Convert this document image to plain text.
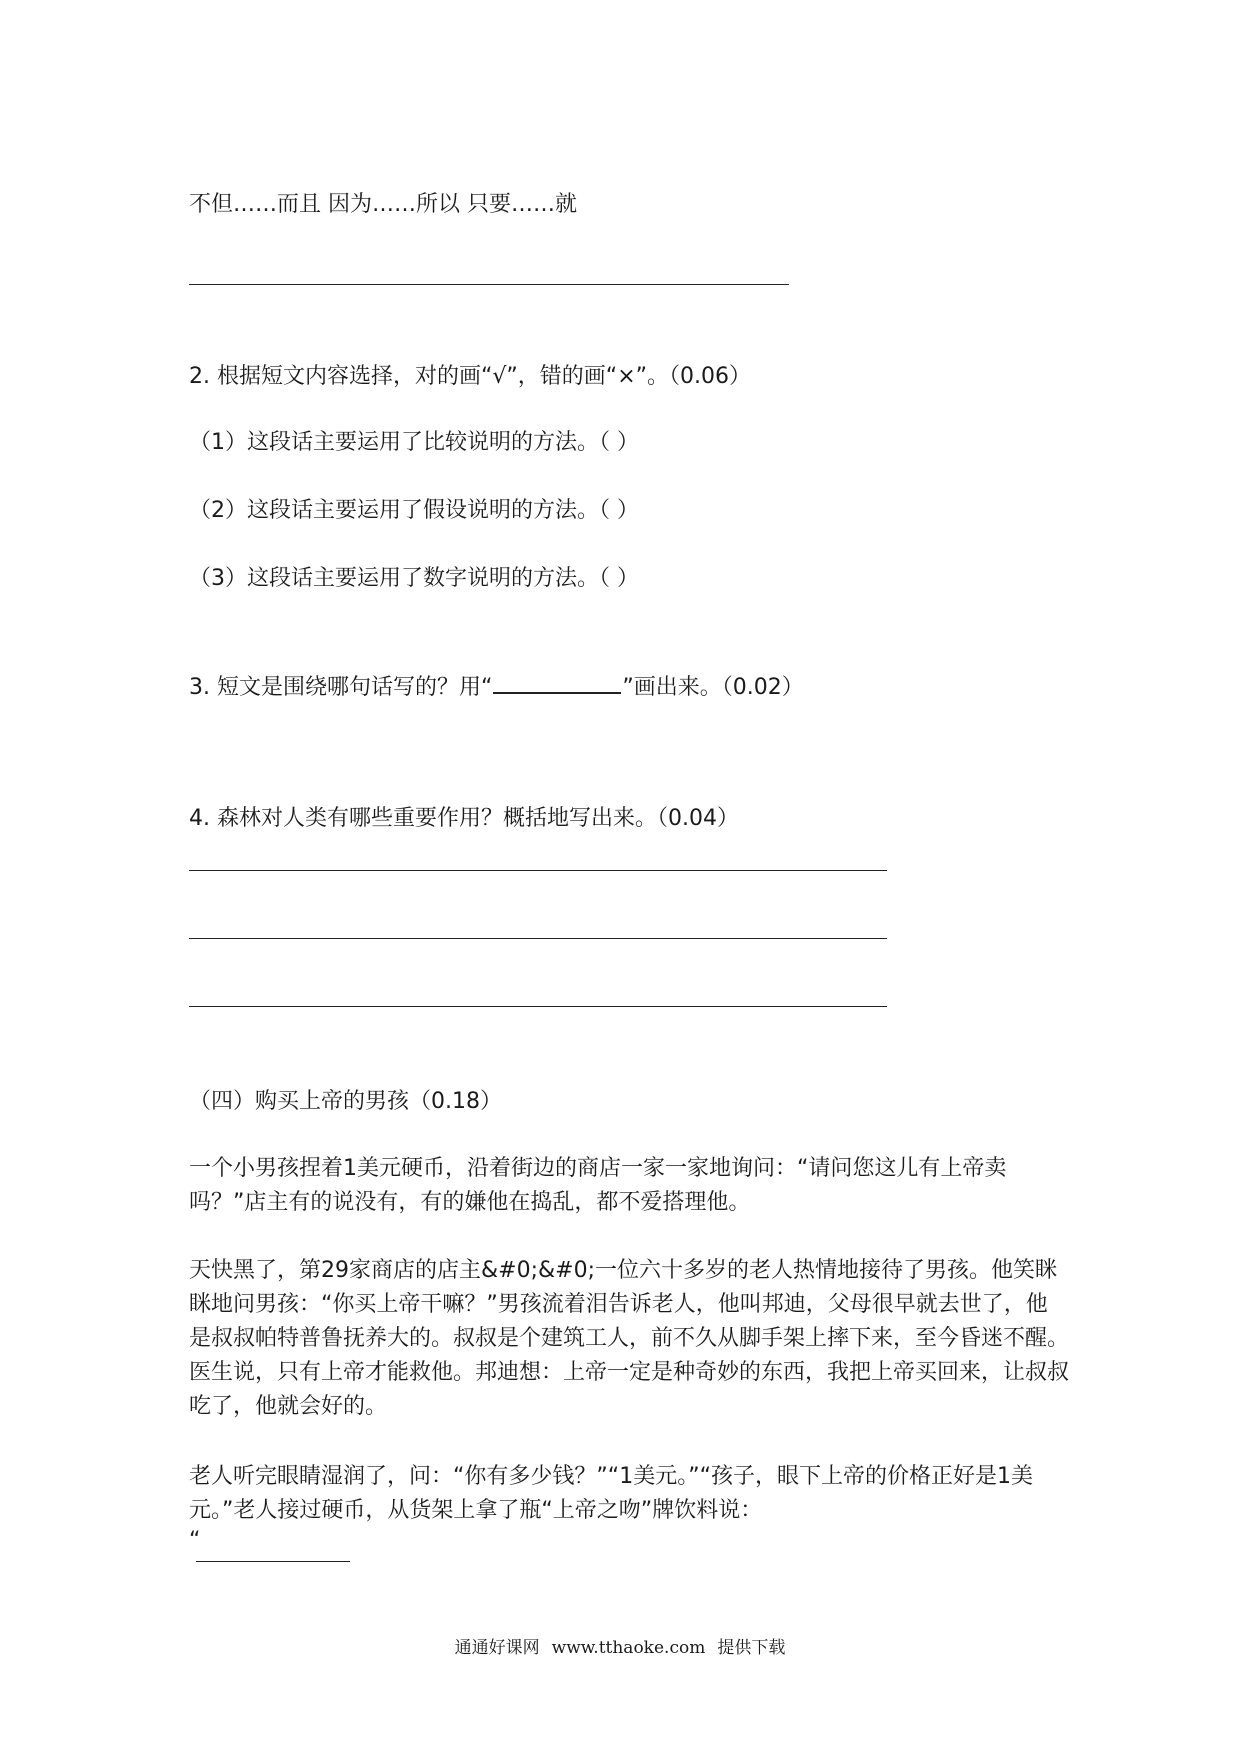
不但……而且 因为……所以 只要……就
2. 根据短文内容选择，对的画“√”，错的画“×”。（0.06）
（1）这段话主要运用了比较说明的方法。（ ）
（2）这段话主要运用了假设说明的方法。（ ）
（3）这段话主要运用了数字说明的方法。（ ）
3. 短文是围绕哪句话写的？用“	”画出来。（0.02）
4. 森林对人类有哪些重要作用？概括地写出来。（0.04）
（四）购买上帝的男孩（0.18）

一个小男孩捏着1美元硬币，沿着街边的商店一家一家地询问：“请问您这儿有上帝卖吗？”店主有的说没有，有的嫌他在捣乱，都不爱搭理他。

天快黑了，第29家商店的店主&#0;&#0;一位六十多岁的老人热情地接待了男孩。他笑眯眯地问男孩：“你买上帝干嘛？”男孩流着泪告诉老人，他叫邦迪，父母很早就去世了，他是叔叔帕特普鲁抚养大的。叔叔是个建筑工人，前不久从脚手架上摔下来，至今昏迷不醒。医生说，只有上帝才能救他。邦迪想：上帝一定是种奇妙的东西，我把上帝买回来，让叔叔吃了，他就会好的。

老人听完眼睛湿润了，问：“你有多少钱？”“1美元。”“孩子，眼下上帝的价格正好是1美元。”老人接过硬币，从货架上拿了瓶“上帝之吻”牌饮料说：

“
通通好课网 www.tthaoke.com 提供下载
